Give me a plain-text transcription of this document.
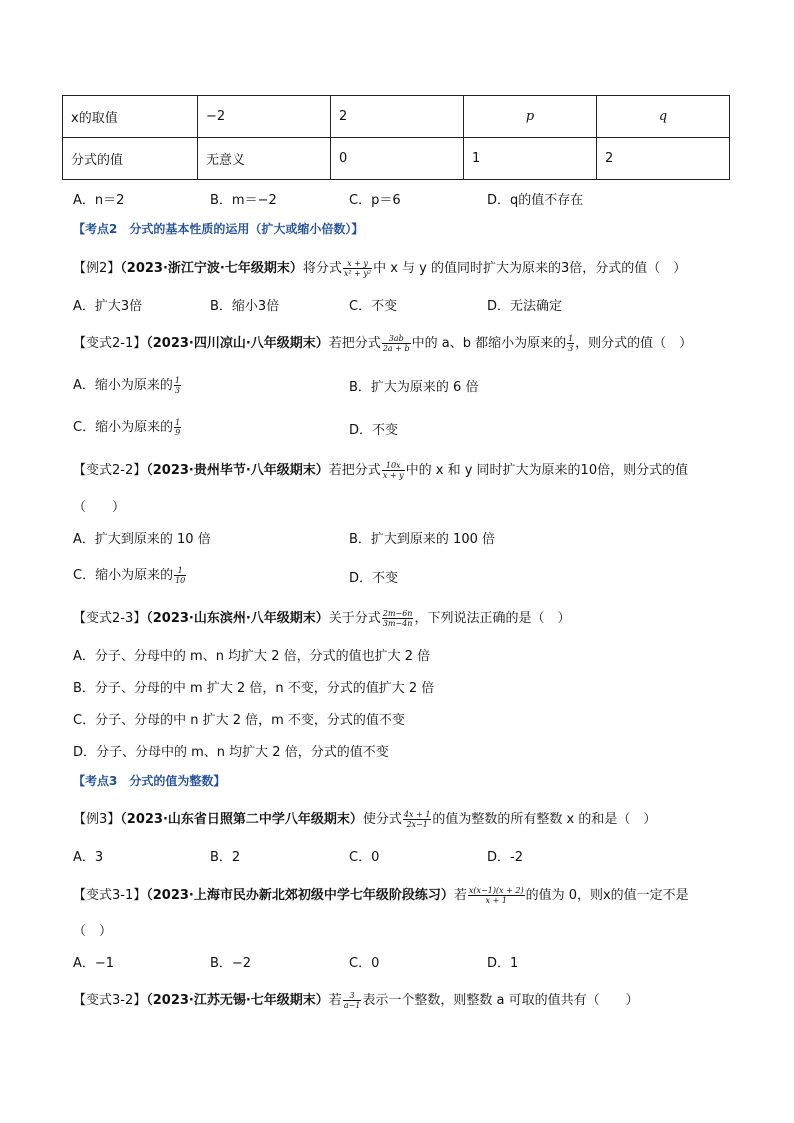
x的取值	−2	2	p	q
分式的值	无意义	0	1	2
A．n＝2	B．m＝−2	C．p＝6	D．q的值不存在
【考点2　分式的基本性质的运用（扩大或缩小倍数）】
【例2】（2023·浙江宁波·七年级期末）将分式 $\frac{x + y}{\text{x² + y²}}$ 中 x 与 y 的值同时扩大为原来的3倍，分式的值（　）
A．扩大3倍	B．缩小3倍	C．不变	D．无法确定
【变式2-1】（2023·四川凉山·八年级期末）若把分式 $\frac{3ab}{2a + b}$ 中的 a、b 都缩小为原来的 $\frac{1}{3}$ ，则分式的值（　）
A．缩小为原来的 $\frac{1}{3}$	B．扩大为原来的 6 倍
C．缩小为原来的 $\frac{1}{9}$	D．不变
【变式2-2】（2023·贵州毕节·八年级期末）若把分式 $\frac{10x}{x + y}$ 中的 x 和 y 同时扩大为原来的10倍，则分式的值
（　　）
A．扩大到原来的 10 倍	B．扩大到原来的 100 倍
C．缩小为原来的 $\frac{1}{10}$	D．不变
【变式2-3】（2023·山东滨州·八年级期末）关于分式 $\frac{2m-6n}{3m-4n}$ ，下列说法正确的是（　）
A．分子、分母中的 m、n 均扩大 2 倍，分式的值也扩大 2 倍
B．分子、分母的中 m 扩大 2 倍，n 不变，分式的值扩大 2 倍
C．分子、分母的中 n 扩大 2 倍，m 不变，分式的值不变
D．分子、分母中的 m、n 均扩大 2 倍，分式的值不变
【考点3　分式的值为整数】
【例3】（2023·山东省日照第二中学八年级期末）使分式 $\frac{4x + 1}{2x-1}$ 的值为整数的所有整数 x 的和是（　）
A．3	B．2	C．0	D．-2
【变式3-1】（2023·上海市民办新北郊初级中学七年级阶段练习）若 $\frac{x(x-1)(x + 2)}{x + 1}$ 的值为 0，则x的值一定不是
（　）
A．−1	B．−2	C．0	D．1
【变式3-2】（2023·江苏无锡·七年级期末）若 $\frac{3}{a-1}$ 表示一个整数，则整数 a 可取的值共有（　　）
